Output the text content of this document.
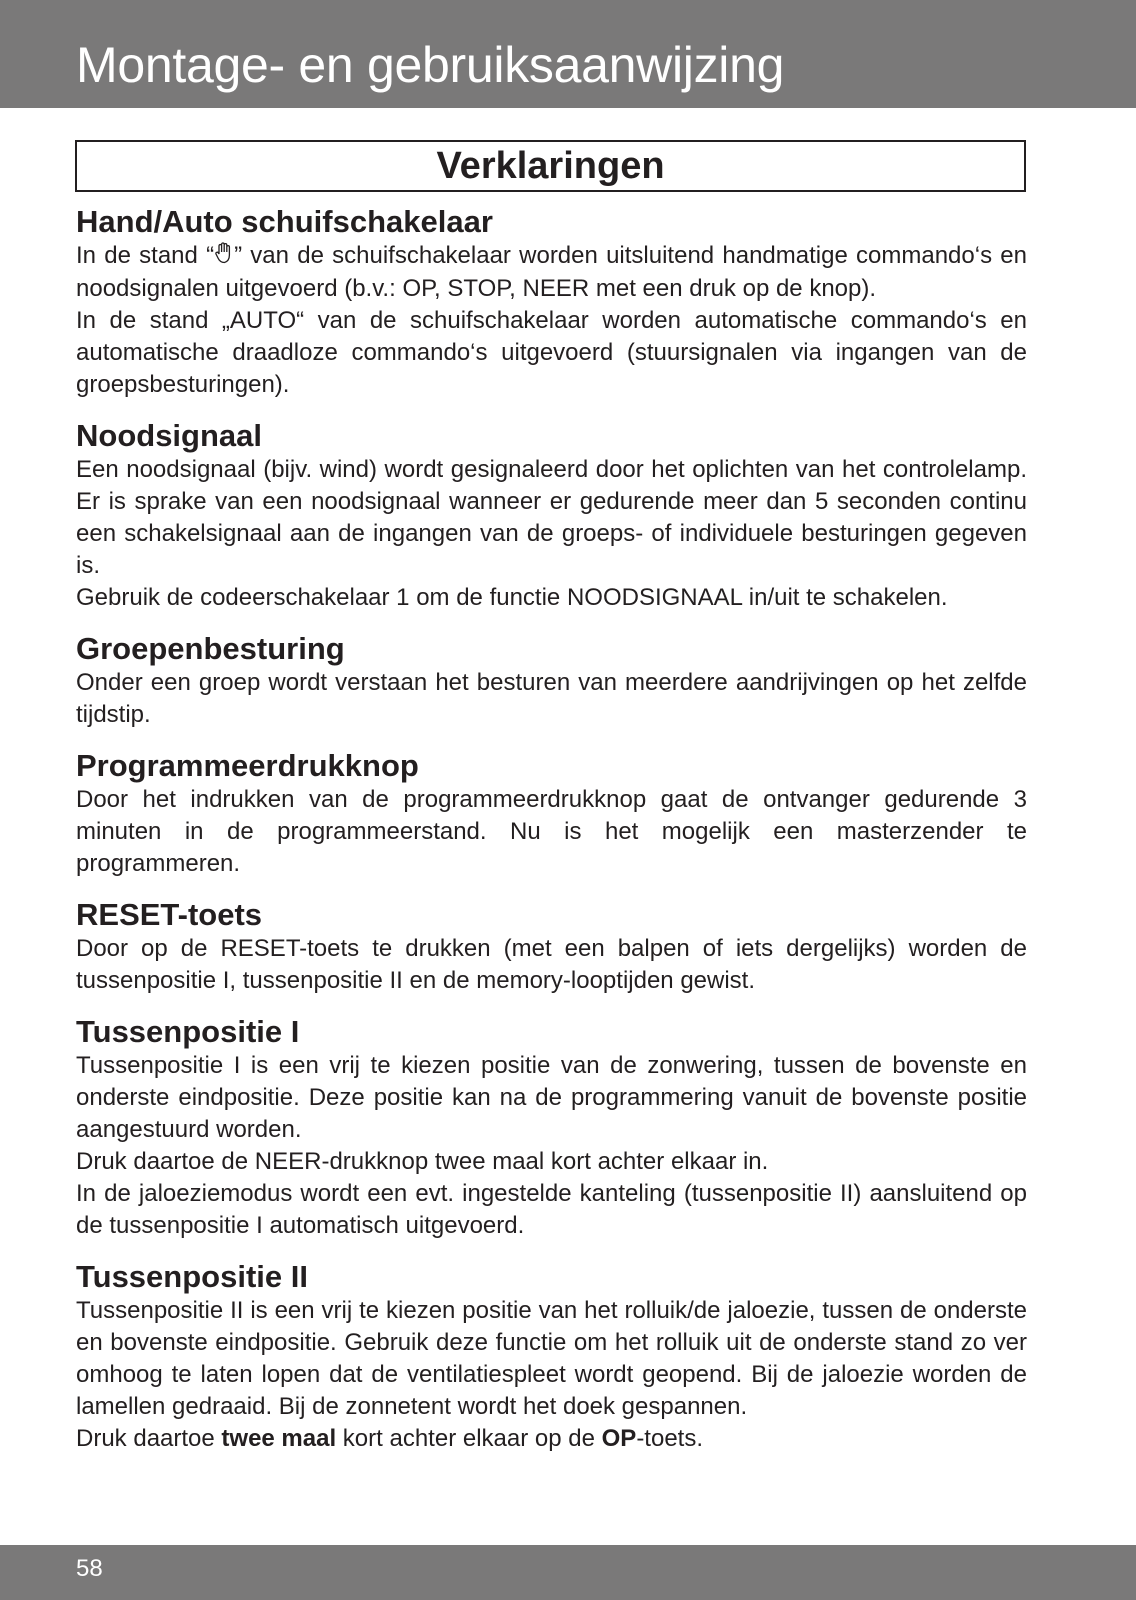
Montage- en gebruiksaanwijzing
Verklaringen
Hand/Auto schuifschakelaar

In de stand “ ” van de schuifschakelaar worden uitsluitend handmatige commando‘s en noodsignalen uitgevoerd (b.v.: OP, STOP, NEER met een druk op de knop).

In de stand „AUTO“ van de schuifschakelaar worden automatische commando‘s en automatische draadloze commando‘s uitgevoerd (stuursignalen via ingangen van de groepsbesturingen).

Noodsignaal

Een noodsignaal (bijv. wind) wordt gesignaleerd door het oplichten van het controlelamp. Er is sprake van een noodsignaal wanneer er gedurende meer dan 5 seconden continu een schakelsignaal aan de ingangen van de groeps- of individuele besturingen gegeven is.

Gebruik de codeerschakelaar 1 om de functie NOODSIGNAAL in/uit te schakelen.

Groepenbesturing

Onder een groep wordt verstaan het besturen van meerdere aandrijvingen op het zelfde tijdstip.

Programmeerdrukknop

Door het indrukken van de programmeerdrukknop gaat de ontvanger gedurende 3 minuten in de programmeerstand. Nu is het mogelijk een masterzender te programmeren.

RESET-toets

Door op de RESET-toets te drukken (met een balpen of iets dergelijks) worden de tussenpositie I, tussenpositie II en de memory-looptijden gewist.

Tussenpositie I

Tussenpositie I is een vrij te kiezen positie van de zonwering, tussen de bovenste en onderste eindpositie. Deze positie kan na de programmering vanuit de bovenste positie aangestuurd worden.

Druk daartoe de NEER-drukknop twee maal kort achter elkaar in.

In de jaloeziemodus wordt een evt. ingestelde kanteling (tussenpositie II) aansluitend op de tussenpositie I automatisch uitgevoerd.

Tussenpositie II

Tussenpositie II is een vrij te kiezen positie van het rolluik/de jaloezie, tussen de onderste en bovenste eindpositie. Gebruik deze functie om het rolluik uit de onderste stand zo ver omhoog te laten lopen dat de ventilatiespleet wordt geopend. Bij de jaloezie worden de lamellen gedraaid. Bij de zonnetent wordt het doek gespannen.

Druk daartoe twee maal kort achter elkaar op de OP-toets.

58
